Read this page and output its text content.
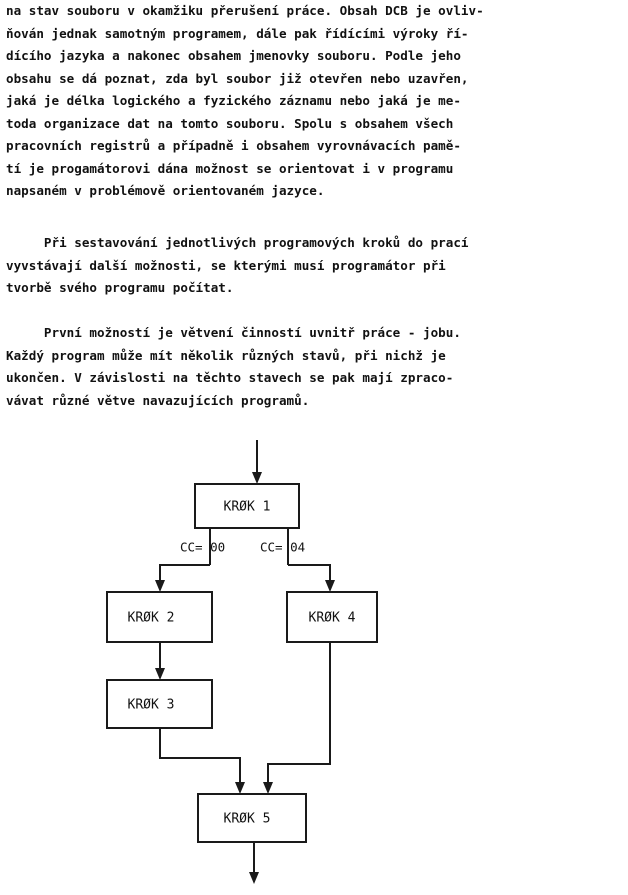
na stav souboru v okamžiku přerušení práce. Obsah DCB je ovliv-
ňován jednak samotným programem, dále pak řídícími výroky ří-
dícího jazyka a nakonec obsahem jmenovky souboru. Podle jeho
obsahu se dá poznat, zda byl soubor již otevřen nebo uzavřen,
jaká je délka logického a fyzického záznamu nebo jaká je me-
toda organizace dat na tomto souboru. Spolu s obsahem všech
pracovních registrů a případně i obsahem vyrovnávacích pamě-
tí je progamátorovi dána možnost se orientovat i v programu
napsaném v problémově orientovaném jazyce.
Při sestavování jednotlivých programových kroků do prací
vyvstávají další možnosti, se kterými musí programátor při
tvorbě svého programu počítat.
První možností je větvení činností uvnitř práce - jobu.
Každý program může mít několik různých stavů, při nichž je
ukončen. V závislosti na těchto stavech se pak mají zpraco-
vávat různé větve navazujících programů.
KRØK 1
CC= 00	CC= 04
KRØK 2	KRØK 4
KRØK 3
KRØK 5
